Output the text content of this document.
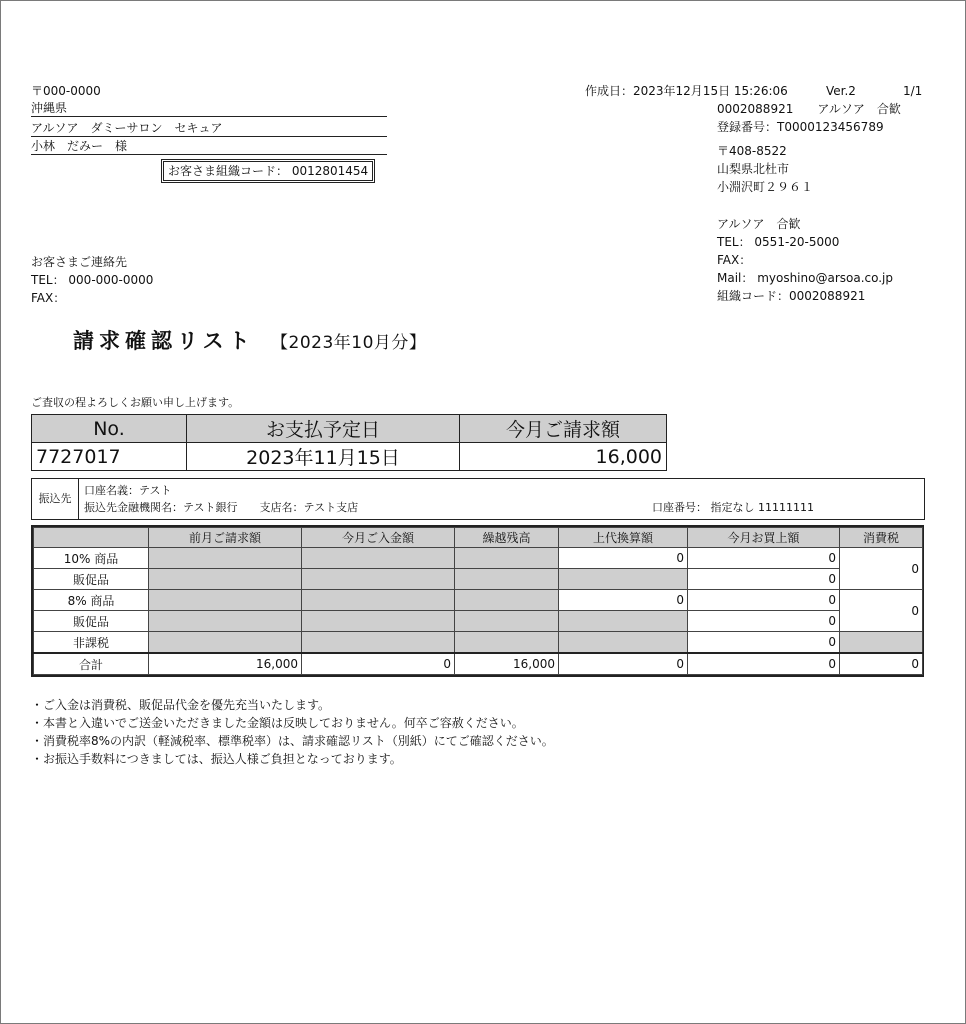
〒000-0000
沖縄県
アルソア　ダミーサロン　セキュア
小林　だみー　様
お客さま組織コード： 0012801454
作成日：2023年12月15日 15:26:06	Ver.2	1/1
0002088921　　アルソア　合歓
登録番号：T0000123456789
〒408-8522
山梨県北杜市
小淵沢町２９６１
アルソア　合歓
TEL： 0551-20-5000
FAX：
Mail： myoshino@arsoa.co.jp
組織コード：0002088921
お客さまご連絡先
TEL： 000-000-0000
FAX：
請求確認リスト 【2023年10月分】
ご査収の程よろしくお願い申し上げます。
No.	お支払予定日	今月ご請求額
7727017	2023年11月15日	16,000
振込先
口座名義：テスト
振込先金融機関名：テスト銀行　　支店名：テスト支店	口座番号： 指定なし 11111111
	前月ご請求額	今月ご入金額	繰越残高	上代換算額	今月お買上額	消費税
10% 商品				0	0	0
販促品					0	
8% 商品				0	0	0
販促品					0	
非課税					0	
合計	16,000	0	16,000	0	0	0
・ご入金は消費税、販促品代金を優先充当いたします。
・本書と入違いでご送金いただきました金額は反映しておりません。何卒ご容赦ください。
・消費税率8%の内訳（軽減税率、標準税率）は、請求確認リスト（別紙）にてご確認ください。
・お振込手数料につきましては、振込人様ご負担となっております。
